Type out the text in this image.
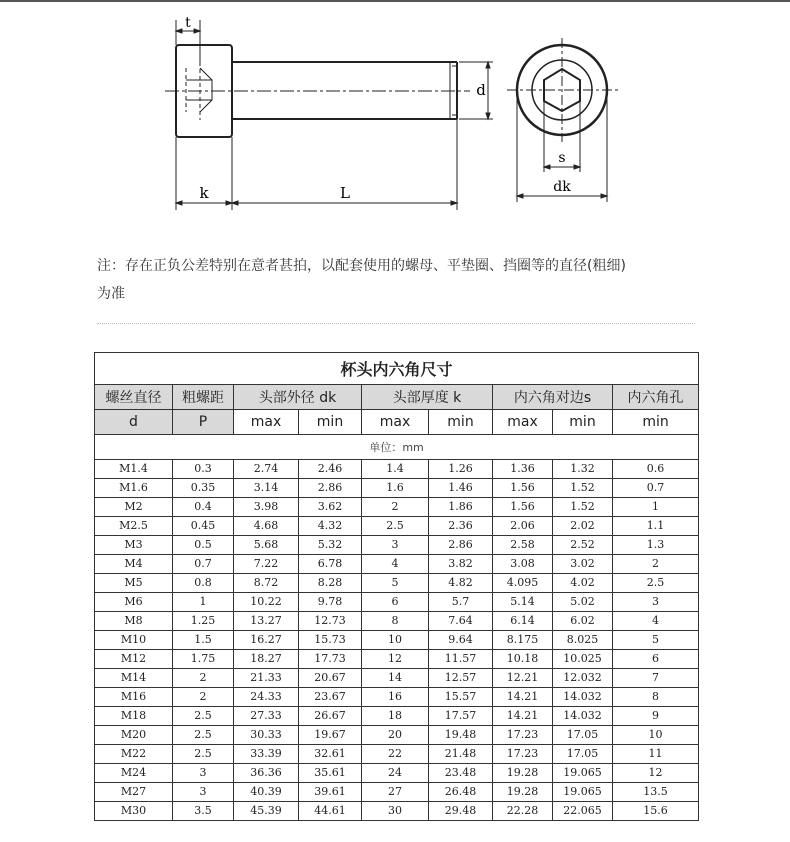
t
d
k	L
s
dk
注：存在正负公差特别在意者甚拍，以配套使用的螺母、平垫圈、挡圈等的直径(粗细)
为准
杯头内六角尺寸								
螺丝直径	粗螺距	头部外径 dk		头部厚度 k		内六角对边s		内六角孔
d	P	max	min	max	min	max	min	min
单位：mm								
M1.4	0.3	2.74	2.46	1.4	1.26	1.36	1.32	0.6
M1.6	0.35	3.14	2.86	1.6	1.46	1.56	1.52	0.7
M2	0.4	3.98	3.62	2	1.86	1.56	1.52	1
M2.5	0.45	4.68	4.32	2.5	2.36	2.06	2.02	1.1
M3	0.5	5.68	5.32	3	2.86	2.58	2.52	1.3
M4	0.7	7.22	6.78	4	3.82	3.08	3.02	2
M5	0.8	8.72	8.28	5	4.82	4.095	4.02	2.5
M6	1	10.22	9.78	6	5.7	5.14	5.02	3
M8	1.25	13.27	12.73	8	7.64	6.14	6.02	4
M10	1.5	16.27	15.73	10	9.64	8.175	8.025	5
M12	1.75	18.27	17.73	12	11.57	10.18	10.025	6
M14	2	21.33	20.67	14	12.57	12.21	12.032	7
M16	2	24.33	23.67	16	15.57	14.21	14.032	8
M18	2.5	27.33	26.67	18	17.57	14.21	14.032	9
M20	2.5	30.33	19.67	20	19.48	17.23	17.05	10
M22	2.5	33.39	32.61	22	21.48	17.23	17.05	11
M24	3	36.36	35.61	24	23.48	19.28	19.065	12
M27	3	40.39	39.61	27	26.48	19.28	19.065	13.5
M30	3.5	45.39	44.61	30	29.48	22.28	22.065	15.6
